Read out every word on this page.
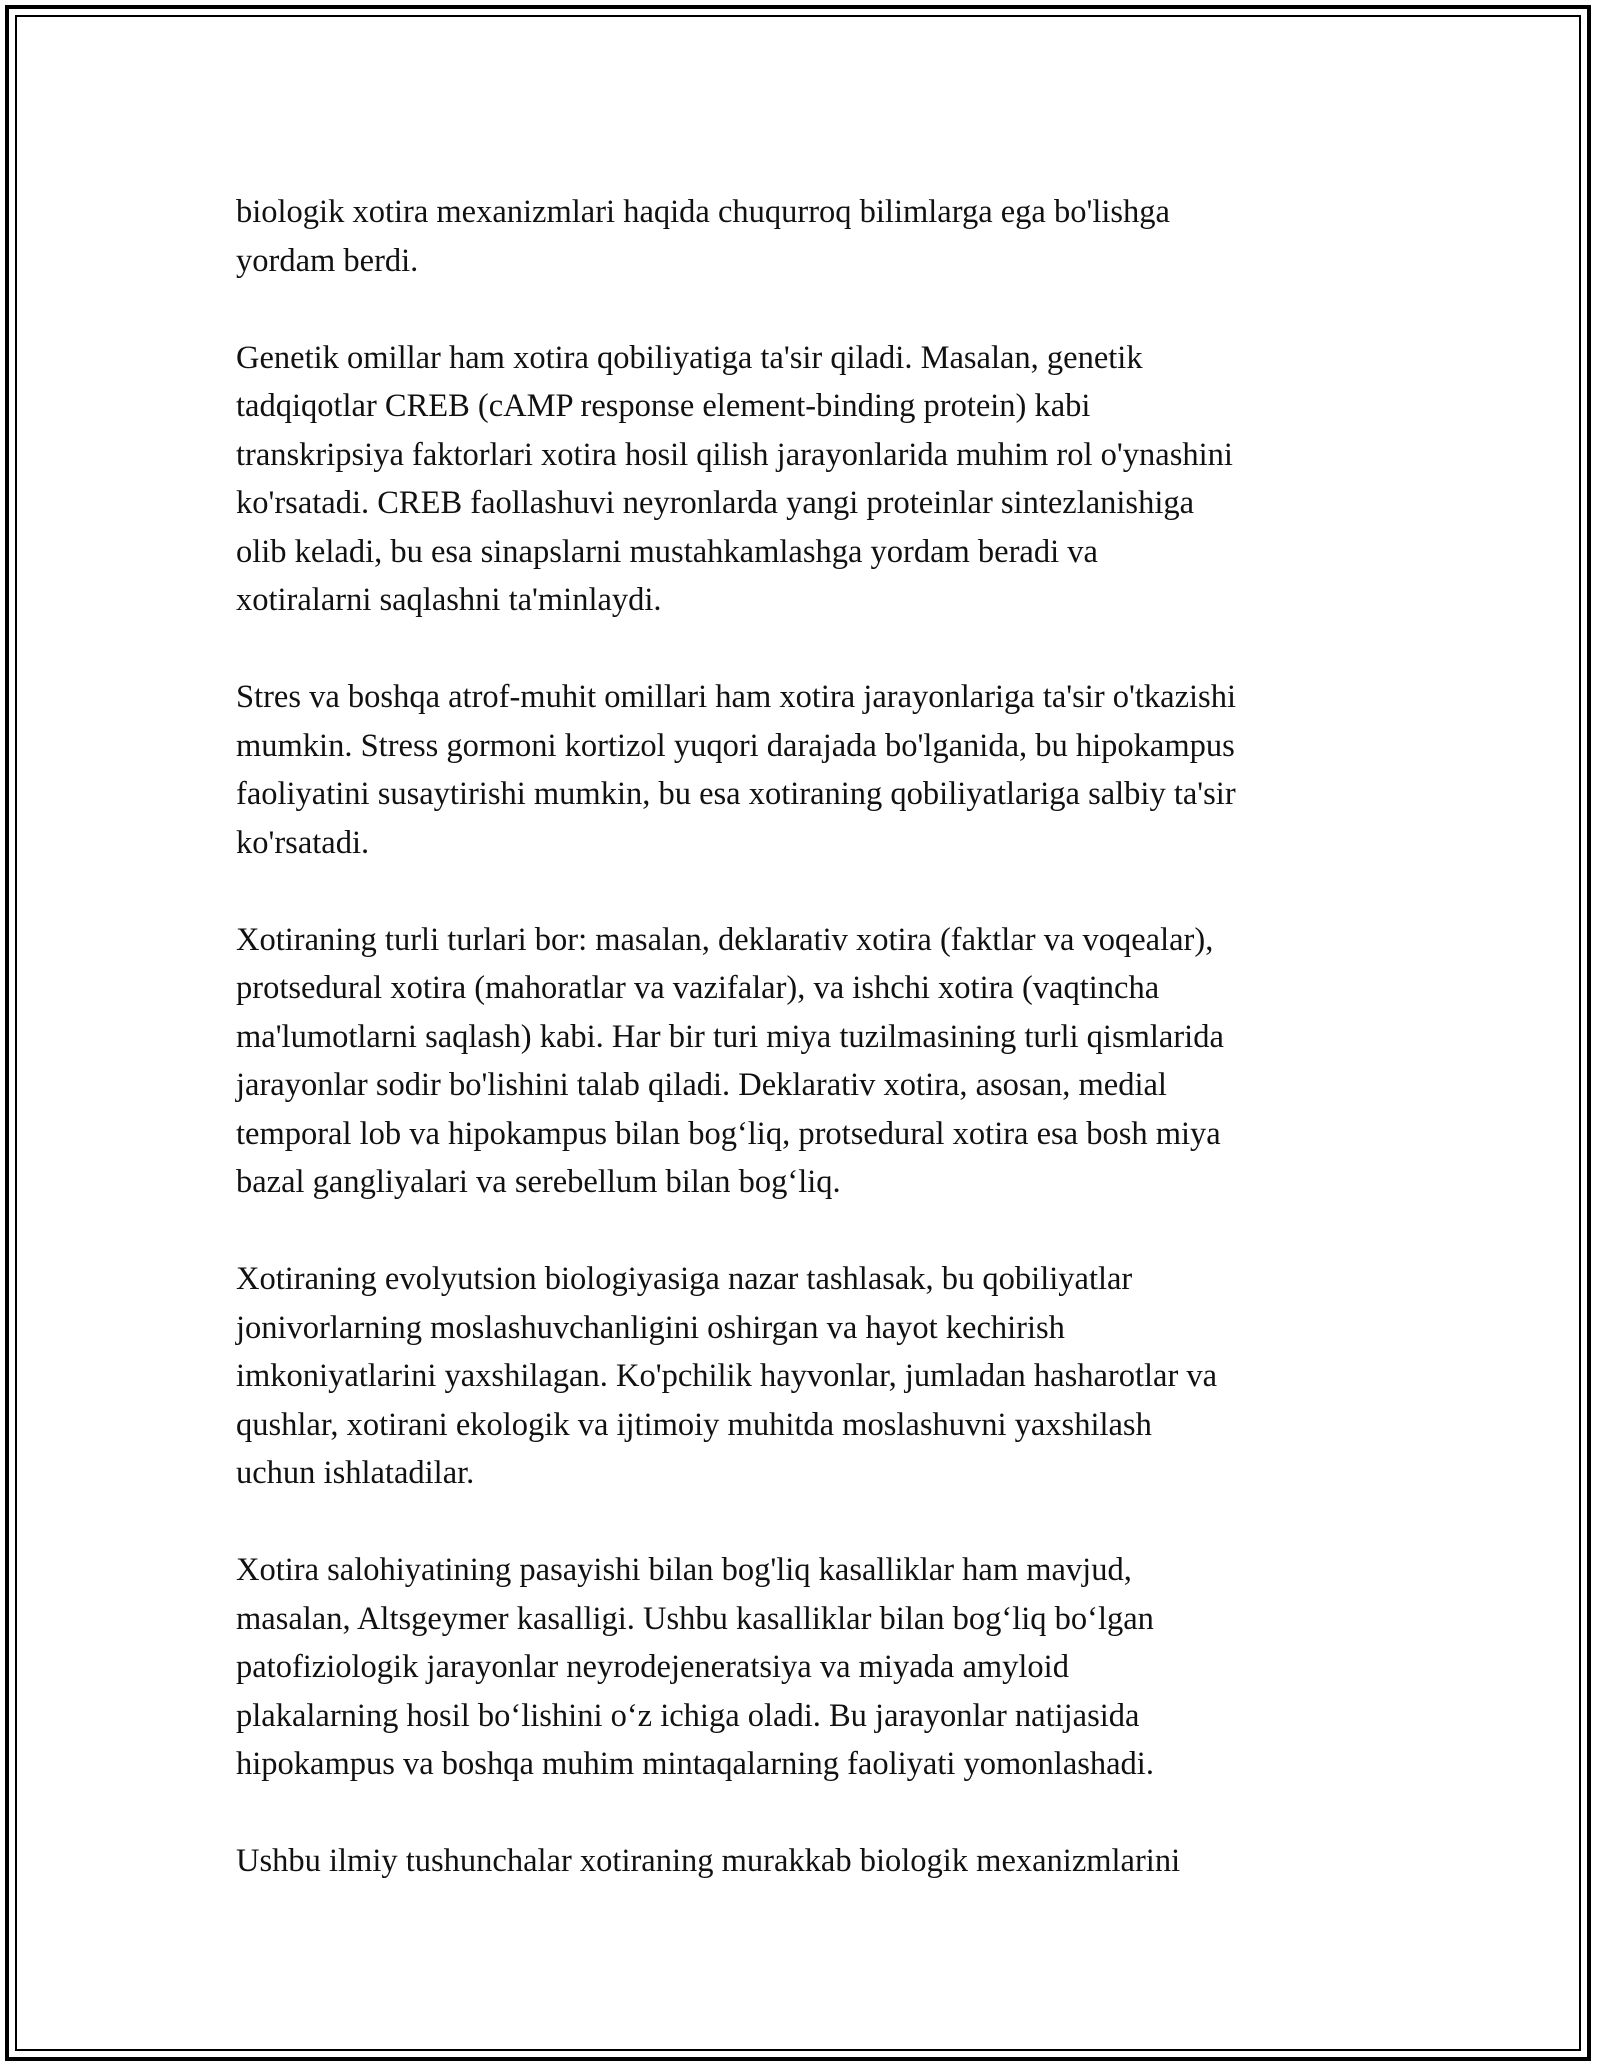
biologik xotira mexanizmlari haqida chuqurroq bilimlarga ega bo'lishga
yordam berdi.
Genetik omillar ham xotira qobiliyatiga ta'sir qiladi. Masalan, genetik
tadqiqotlar CREB (cAMP response element-binding protein) kabi
transkripsiya faktorlari xotira hosil qilish jarayonlarida muhim rol o'ynashini
ko'rsatadi. CREB faollashuvi neyronlarda yangi proteinlar sintezlanishiga
olib keladi, bu esa sinapslarni mustahkamlashga yordam beradi va
xotiralarni saqlashni ta'minlaydi.
Stres va boshqa atrof-muhit omillari ham xotira jarayonlariga ta'sir o'tkazishi
mumkin. Stress gormoni kortizol yuqori darajada bo'lganida, bu hipokampus
faoliyatini susaytirishi mumkin, bu esa xotiraning qobiliyatlariga salbiy ta'sir
ko'rsatadi.
Xotiraning turli turlari bor: masalan, deklarativ xotira (faktlar va voqealar),
protsedural xotira (mahoratlar va vazifalar), va ishchi xotira (vaqtincha
ma'lumotlarni saqlash) kabi. Har bir turi miya tuzilmasining turli qismlarida
jarayonlar sodir bo'lishini talab qiladi. Deklarativ xotira, asosan, medial
temporal lob va hipokampus bilan bog‘liq, protsedural xotira esa bosh miya
bazal gangliyalari va serebellum bilan bog‘liq.
Xotiraning evolyutsion biologiyasiga nazar tashlasak, bu qobiliyatlar
jonivorlarning moslashuvchanligini oshirgan va hayot kechirish
imkoniyatlarini yaxshilagan. Ko'pchilik hayvonlar, jumladan hasharotlar va
qushlar, xotirani ekologik va ijtimoiy muhitda moslashuvni yaxshilash
uchun ishlatadilar.
Xotira salohiyatining pasayishi bilan bog'liq kasalliklar ham mavjud,
masalan, Altsgeymer kasalligi. Ushbu kasalliklar bilan bog‘liq bo‘lgan
patofiziologik jarayonlar neyrodejeneratsiya va miyada amyloid
plakalarning hosil bo‘lishini o‘z ichiga oladi. Bu jarayonlar natijasida
hipokampus va boshqa muhim mintaqalarning faoliyati yomonlashadi.
Ushbu ilmiy tushunchalar xotiraning murakkab biologik mexanizmlarini
